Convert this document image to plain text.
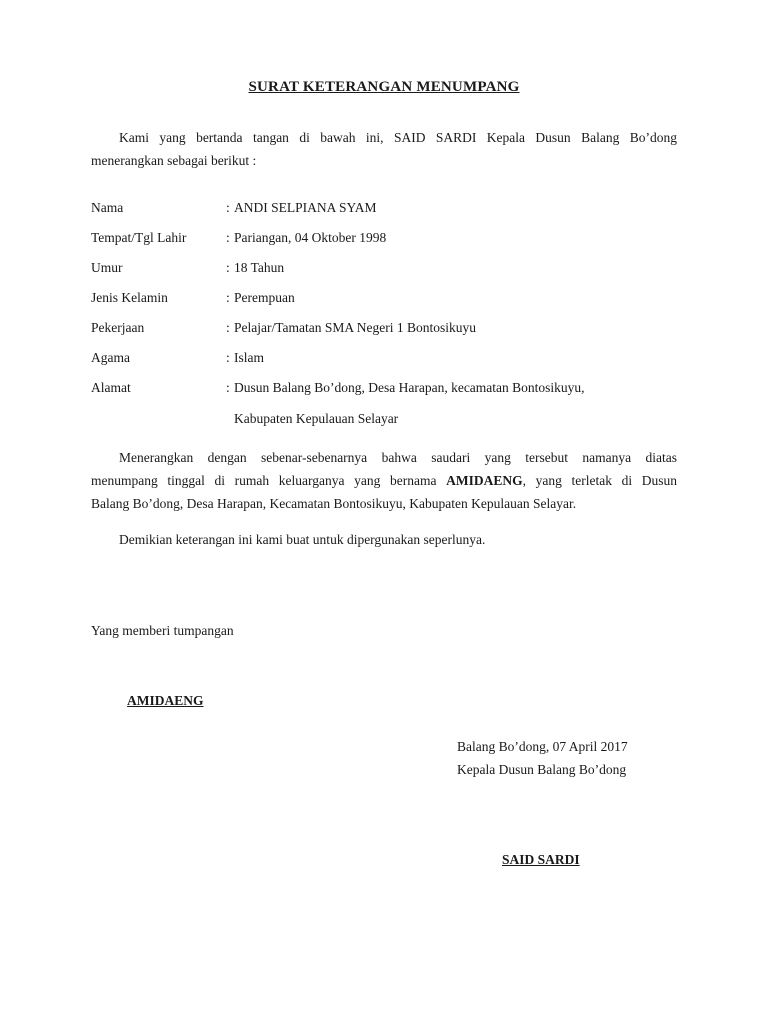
SURAT KETERANGAN MENUMPANG
Kami yang bertanda tangan di bawah ini, SAID SARDI Kepala Dusun Balang Bo’dong
menerangkan sebagai berikut :
Nama	: ANDI SELPIANA SYAM
Tempat/Tgl Lahir	: Pariangan, 04 Oktober 1998
Umur	: 18 Tahun
Jenis Kelamin	: Perempuan
Pekerjaan	: Pelajar/Tamatan SMA Negeri 1 Bontosikuyu
Agama	: Islam
Alamat	: Dusun Balang Bo’dong, Desa Harapan, kecamatan Bontosikuyu,
Kabupaten Kepulauan Selayar
Menerangkan dengan sebenar-sebenarnya bahwa saudari yang tersebut namanya diatas
menumpang tinggal di rumah keluarganya yang bernama AMIDAENG, yang terletak di Dusun
Balang Bo’dong, Desa Harapan, Kecamatan Bontosikuyu, Kabupaten Kepulauan Selayar.
Demikian keterangan ini kami buat untuk dipergunakan seperlunya.
Yang memberi tumpangan
AMIDAENG
Balang Bo’dong, 07 April 2017
Kepala Dusun Balang Bo’dong
SAID SARDI
